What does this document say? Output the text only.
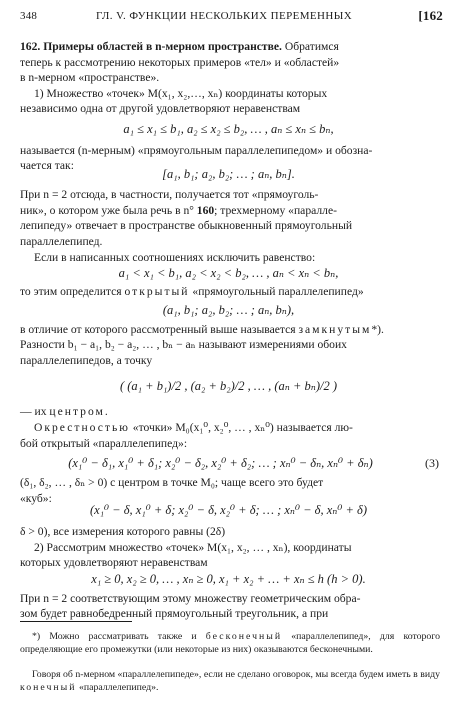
348	ГЛ. V. ФУНКЦИИ НЕСКОЛЬКИХ ПЕРЕМЕННЫХ	[162
162. Примеры областей в n-мерном пространстве. Обратимся
теперь к рассмотрению некоторых примеров «тел» и «областей»
в n-мерном «пространстве».
1) Множество «точек» M(x₁, x₂,…, xₙ) координаты которых
независимо одна от другой удовлетворяют неравенствам
a₁ ≤ x₁ ≤ b₁, a₂ ≤ x₂ ≤ b₂, … , aₙ ≤ xₙ ≤ bₙ,
называется (n-мерным) «прямоугольным параллелепипедом» и обозна-
чается так:
[a₁, b₁; a₂, b₂; … ; aₙ, bₙ].
При n = 2 отсюда, в частности, получается тот «прямоуголь-
ник», о котором уже была речь в n° 160; трехмерному «паралле-
лепипеду» отвечает в пространстве обыкновенный прямоугольный
параллелепипед.
Если в написанных соотношениях исключить равенство:
a₁ < x₁ < b₁, a₂ < x₂ < b₂, … , aₙ < xₙ < bₙ,
то этим определится открытый «прямоугольный параллелепипед»
(a₁, b₁; a₂, b₂; … ; aₙ, bₙ),
в отличие от которого рассмотренный выше называется замкнутым*).
Разности b₁ − a₁, b₂ − a₂, … , bₙ − aₙ называют измерениями обоих
параллелепипедов, а точку
( (a₁ + b₁)/2 , (a₂ + b₂)/2 , … , (aₙ + bₙ)/2 )
— их центром.
Окрестностью «точки» M₀(x₁⁰, x₂⁰, … , xₙ⁰) называется лю-
бой открытый «параллелепипед»:
(x₁⁰ − δ₁, x₁⁰ + δ₁; x₂⁰ − δ₂, x₂⁰ + δ₂; … ; xₙ⁰ − δₙ, xₙ⁰ + δₙ)	(3)
(δ₁, δ₂, … , δₙ > 0) с центром в точке M₀; чаще всего это будет
«куб»:
(x₁⁰ − δ, x₁⁰ + δ; x₂⁰ − δ, x₂⁰ + δ; … ; xₙ⁰ − δ, xₙ⁰ + δ)
δ > 0), все измерения которого равны (2δ)
2) Рассмотрим множество «точек» M(x₁, x₂, … , xₙ), координаты
которых удовлетворяют неравенствам
x₁ ≥ 0, x₂ ≥ 0, … , xₙ ≥ 0, x₁ + x₂ + … + xₙ ≤ h (h > 0).
При n = 2 соответствующим этому множеству геометрическим обра-
зом будет равнобедренный прямоугольный треугольник, а при
*) Можно рассматривать также и бесконечный «параллелепипед», для которого определяющие его промежутки (или некоторые из них) оказываются бесконечными.
Говоря об n-мерном «параллелепипеде», если не сделано оговорок, мы всегда будем иметь в виду конечный «параллелепипед».
